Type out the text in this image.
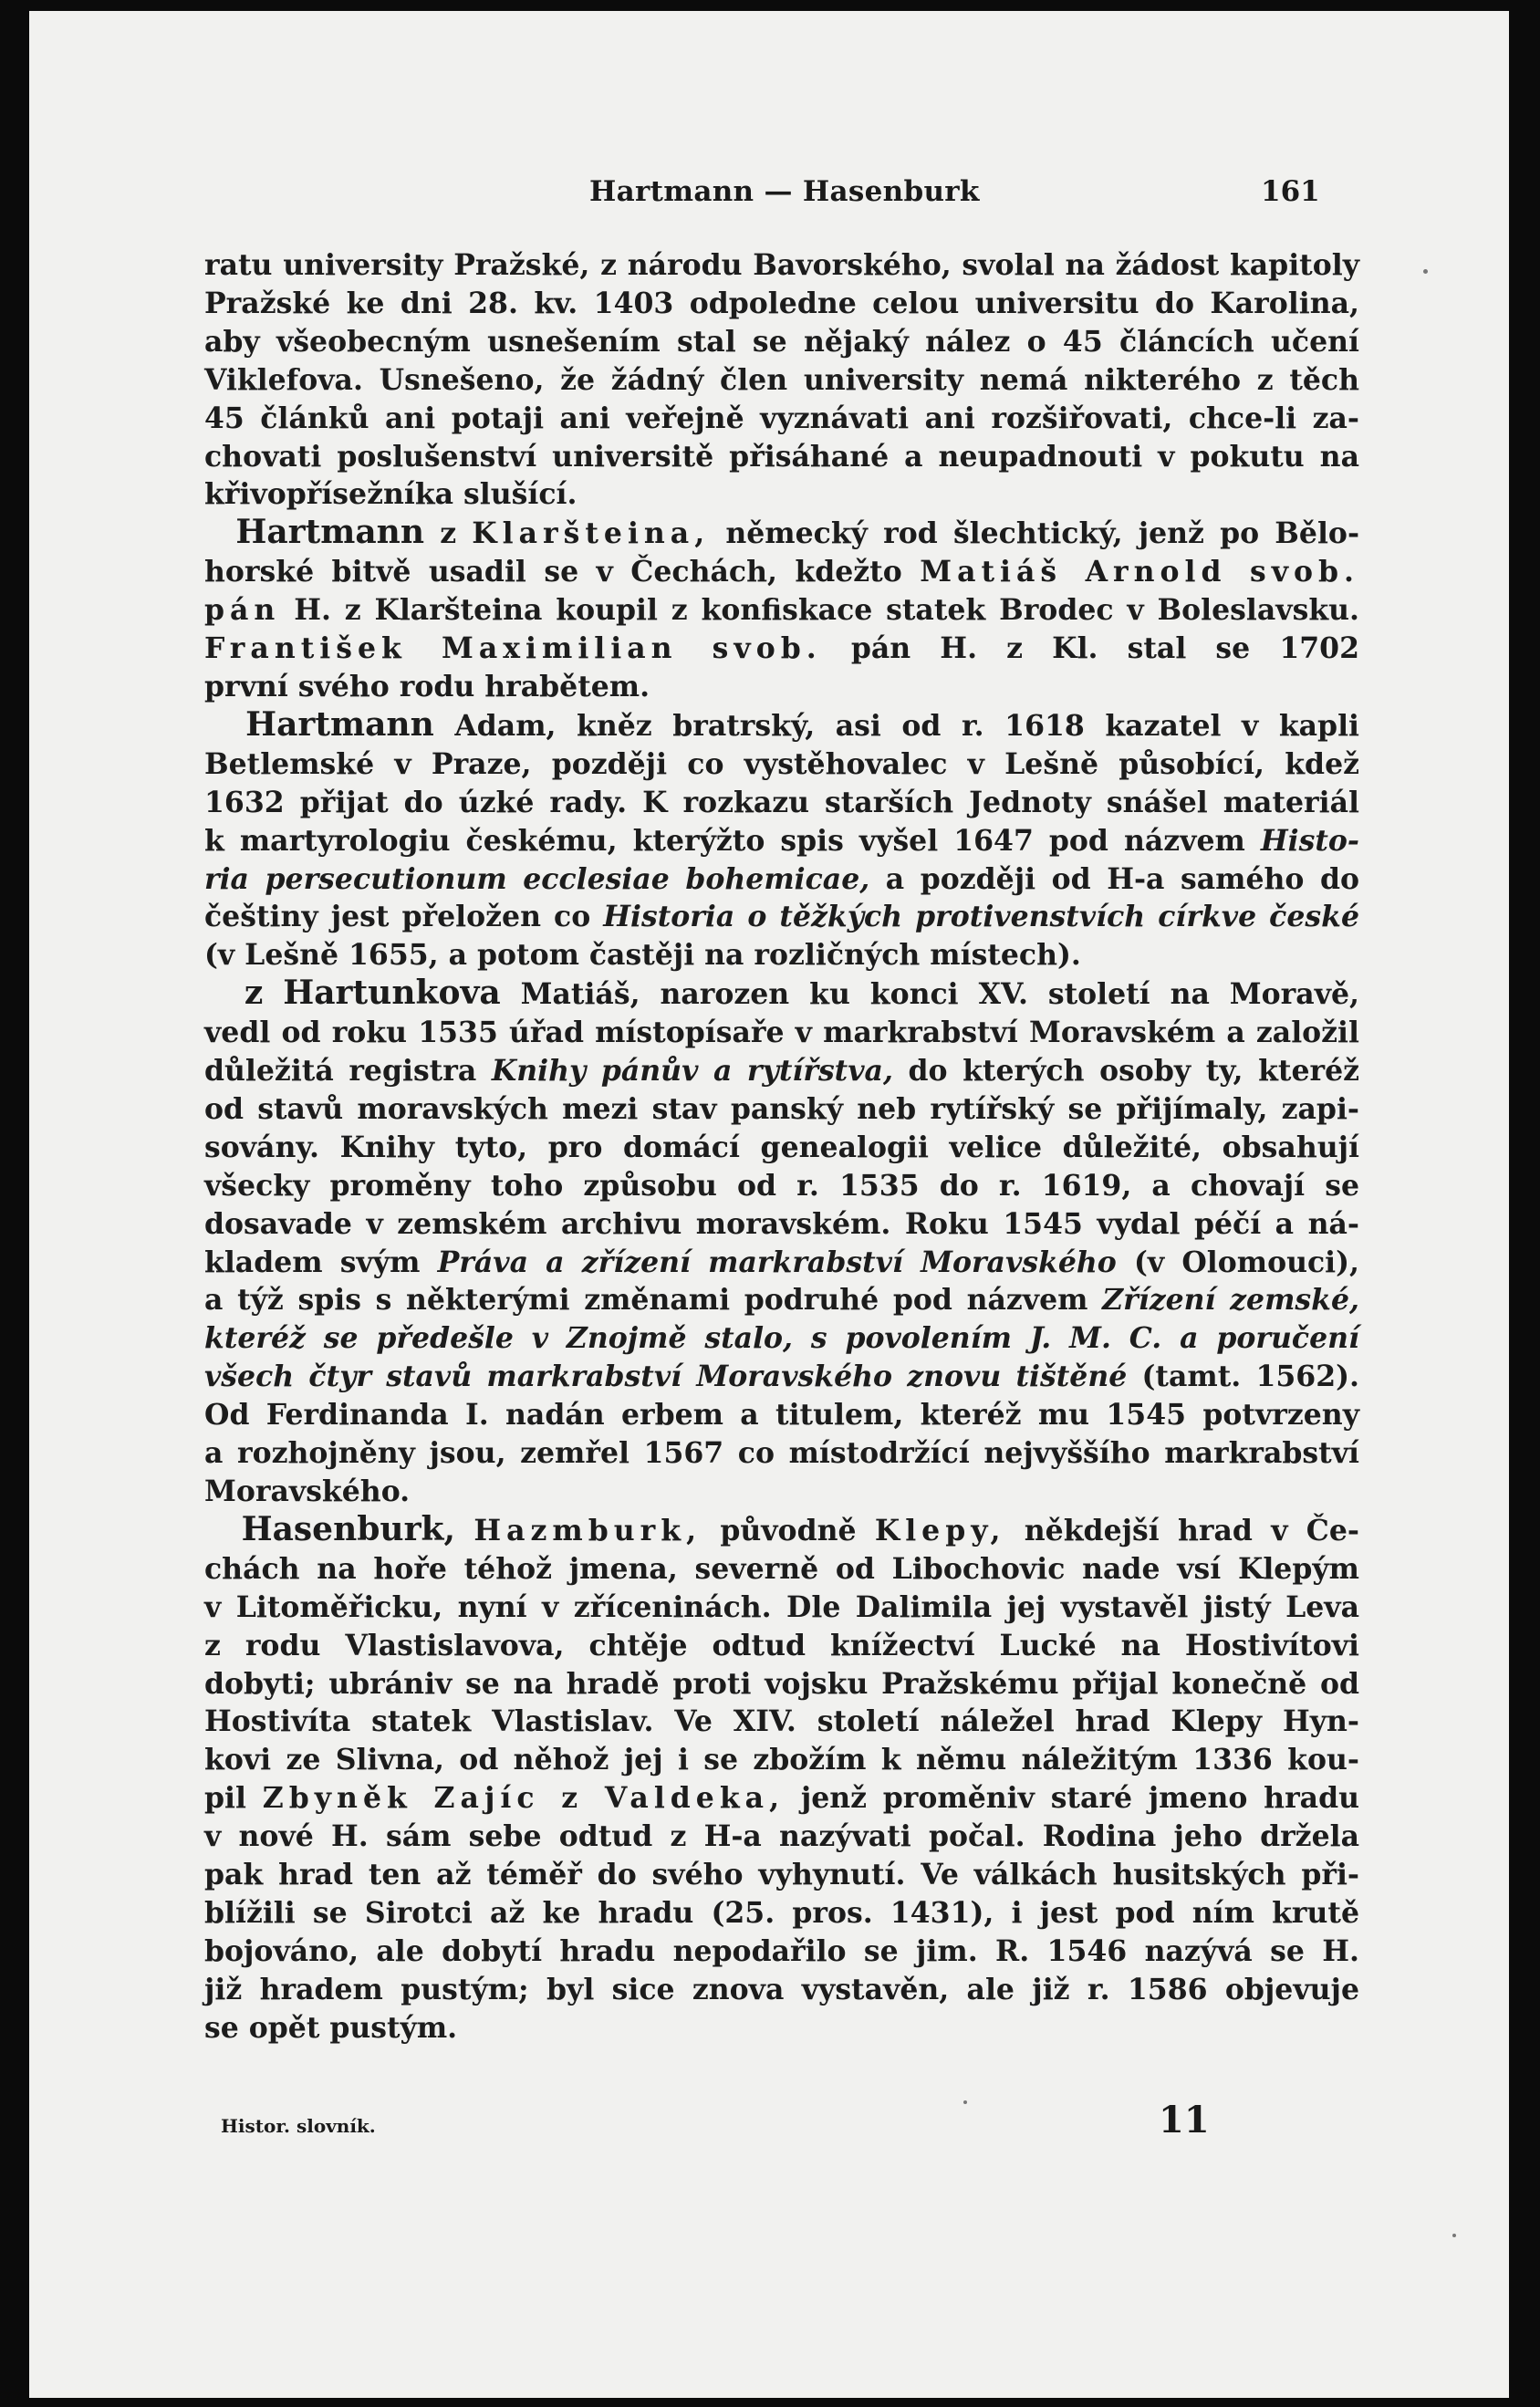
Hartmann — Hasenburk	161
ratu university Pražské, z národu Bavorského, svolal na žádost kapitoly
Pražské ke dni 28. kv. 1403 odpoledne celou universitu do Karolina,
aby všeobecným usnešením stal se nějaký nález o 45 článcích učení
Viklefova. Usnešeno, že žádný člen university nemá nikterého z těch
45 článků ani potaji ani veřejně vyznávati ani rozšiřovati, chce-li za-
chovati poslušenství universitě přisáhané a neupadnouti v pokutu na
křivopřísežníka slušící.
Hartmann z Klaršteina, německý rod šlechtický, jenž po Bělo-
horské bitvě usadil se v Čechách, kdežto Matiáš Arnold svob.
pán H. z Klaršteina koupil z konfiskace statek Brodec v Boleslavsku.
František Maximilian svob. pán H. z Kl. stal se 1702
první svého rodu hrabětem.
Hartmann Adam, kněz bratrský, asi od r. 1618 kazatel v kapli
Betlemské v Praze, později co vystěhovalec v Lešně působící, kdež
1632 přijat do úzké rady. K rozkazu starších Jednoty snášel materiál
k martyrologiu českému, kterýžto spis vyšel 1647 pod názvem Histo-
ria persecutionum ecclesiae bohemicae, a později od H-a samého do
češtiny jest přeložen co Historia o těžkých protivenstvích církve české
(v Lešně 1655, a potom častěji na rozličných místech).
z Hartunkova Matiáš, narozen ku konci XV. století na Moravě,
vedl od roku 1535 úřad místopísaře v markrabství Moravském a založil
důležitá registra Knihy pánův a rytířstva, do kterých osoby ty, kteréž
od stavů moravských mezi stav panský neb rytířský se přijímaly, zapi-
sovány. Knihy tyto, pro domácí genealogii velice důležité, obsahují
všecky proměny toho způsobu od r. 1535 do r. 1619, a chovají se
dosavade v zemském archivu moravském. Roku 1545 vydal péčí a ná-
kladem svým Práva a zřízení markrabství Moravského (v Olomouci),
a týž spis s některými změnami podruhé pod názvem Zřízení zemské,
kteréž se předešle v Znojmě stalo, s povolením J. M. C. a poručení
všech čtyr stavů markrabství Moravského znovu tištěné (tamt. 1562).
Od Ferdinanda I. nadán erbem a titulem, kteréž mu 1545 potvrzeny
a rozhojněny jsou, zemřel 1567 co místodržící nejvyššího markrabství
Moravského.
Hasenburk, Hazmburk, původně Klepy, někdejší hrad v Če-
chách na hoře téhož jmena, severně od Libochovic nade vsí Klepým
v Litoměřicku, nyní v zříceninách. Dle Dalimila jej vystavěl jistý Leva
z rodu Vlastislavova, chtěje odtud knížectví Lucké na Hostivítovi
dobyti; ubrániv se na hradě proti vojsku Pražskému přijal konečně od
Hostivíta statek Vlastislav. Ve XIV. století náležel hrad Klepy Hyn-
kovi ze Slivna, od něhož jej i se zbožím k němu náležitým 1336 kou-
pil Zbyněk Zajíc z Valdeka, jenž proměniv staré jmeno hradu
v nové H. sám sebe odtud z H-a nazývati počal. Rodina jeho držela
pak hrad ten až téměř do svého vyhynutí. Ve válkách husitských při-
blížili se Sirotci až ke hradu (25. pros. 1431), i jest pod ním krutě
bojováno, ale dobytí hradu nepodařilo se jim. R. 1546 nazývá se H.
již hradem pustým; byl sice znova vystavěn, ale již r. 1586 objevuje
se opět pustým.
Histor. slovník.	11
